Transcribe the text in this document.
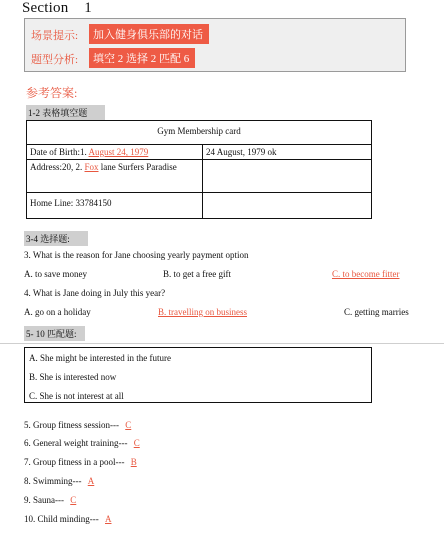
Section 1
场景提示:	加入健身俱乐部的对话
题型分析:	填空 2 选择 2 匹配 6
参考答案:
1-2 表格填空题
Gym Membership card	
Date of Birth:1. August 24, 1979	24 August, 1979 ok
Address:20, 2. Fox lane Surfers Paradise	
Home Line: 33784150	
3-4 选择题:
3. What is the reason for Jane choosing yearly payment option
A. to save money	B. to get a free gift	C. to become fitter
4. What is Jane doing in July this year?
A. go on a holiday	B. travelling on business	C. getting marries
5- 10 匹配题:
A. She might be interested in the future
B. She is interested now
C. She is not interest at all
5. Group fitness session--- C
6. General weight training--- C
7. Group fitness in a pool--- B
8. Swimming--- A
9. Sauna--- C
10. Child minding--- A
